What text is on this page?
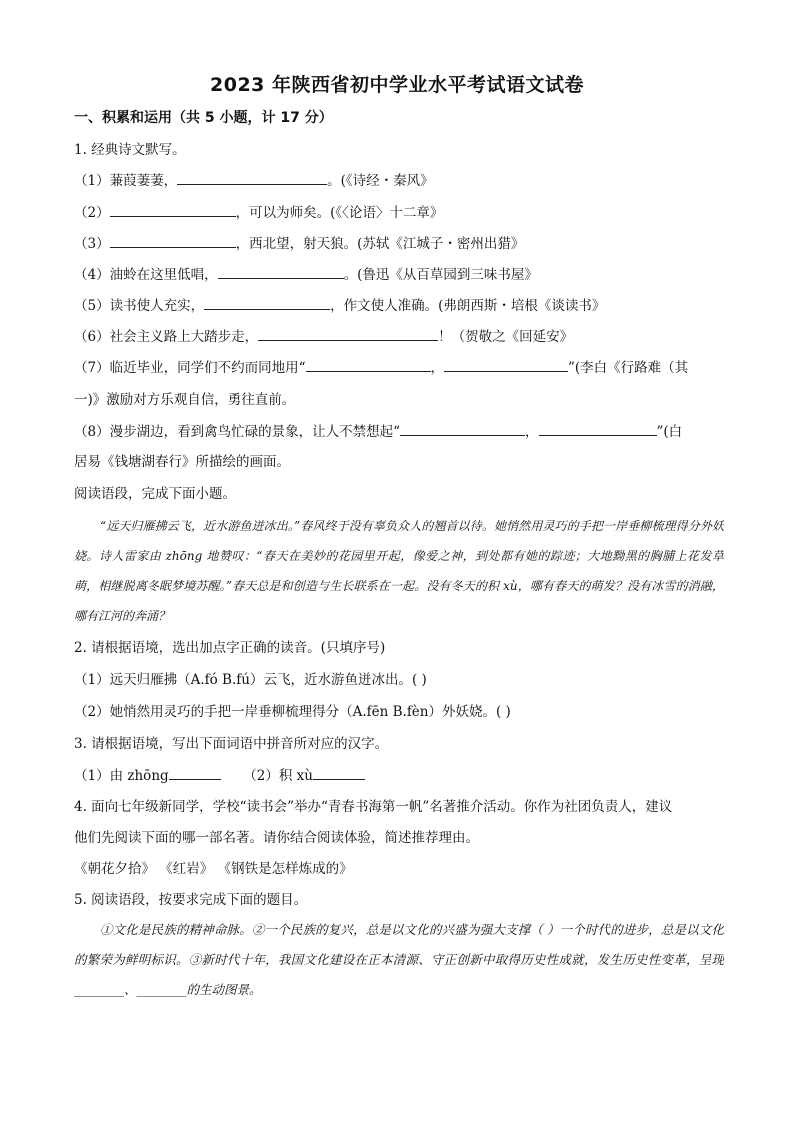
2023 年陕西省初中学业水平考试语文试卷
一、积累和运用（共 5 小题，计 17 分）
1. 经典诗文默写。
（1）蒹葭萋萋，	。(《诗经・秦风》
（2）	，可以为师矣。(《〈论语〉十二章》
（3）	，西北望，射天狼。(苏轼《江城子・密州出猎》
（4）油蛉在这里低唱，	。(鲁迅《从百草园到三味书屋》
（5）读书使人充实，	，作文使人准确。(弗朗西斯・培根《谈读书》
（6）社会主义路上大踏步走，	！（贺敬之《回延安》
（7）临近毕业，同学们不约而同地用“	，	”(李白《行路难（其
一)》激励对方乐观自信，勇往直前。
（8）漫步湖边，看到禽鸟忙碌的景象，让人不禁想起“	，	”(白
居易《钱塘湖春行》所描绘的画面。
阅读语段，完成下面小题。
“远天归雁拂云飞，近水游鱼迸冰出。”春风终于没有辜负众人的翘首以待。她悄然用灵巧的手把一岸垂柳梳理得分外妖娆。诗人雷家由 zhōng 地赞叹：“春天在美妙的花园里开起，像爱之神，到处都有她的踪迹；大地黝黑的胸脯上花发草萌，相继脱离冬眠梦境苏醒。”春天总是和创造与生长联系在一起。没有冬天的积 xù，哪有春天的萌发？没有冰雪的消融，哪有江河的奔涌？
2. 请根据语境，选出加点字正确的读音。(只填序号)
（1）远天归雁拂（A.fó B.fú）云飞，近水游鱼迸冰出。( )
（2）她悄然用灵巧的手把一岸垂柳梳理得分（A.fēn B.fèn）外妖娆。( )
3. 请根据语境，写出下面词语中拼音所对应的汉字。
（1）由 zhōng	（2）积 xù
4. 面向七年级新同学，学校“读书会”举办“青春书海第一帆”名著推介活动。你作为社团负责人，建议
他们先阅读下面的哪一部名著。请你结合阅读体验，简述推荐理由。
《朝花夕拾》 《红岩》 《钢铁是怎样炼成的》
5. 阅读语段，按要求完成下面的题目。
①文化是民族的精神命脉。②一个民族的复兴，总是以文化的兴盛为强大支撑（ ）一个时代的进步，总是以文化的繁荣为鲜明标识。③新时代十年，我国文化建设在正本清源、守正创新中取得历史性成就，发生历史性变革，呈现________、________的生动图景。
